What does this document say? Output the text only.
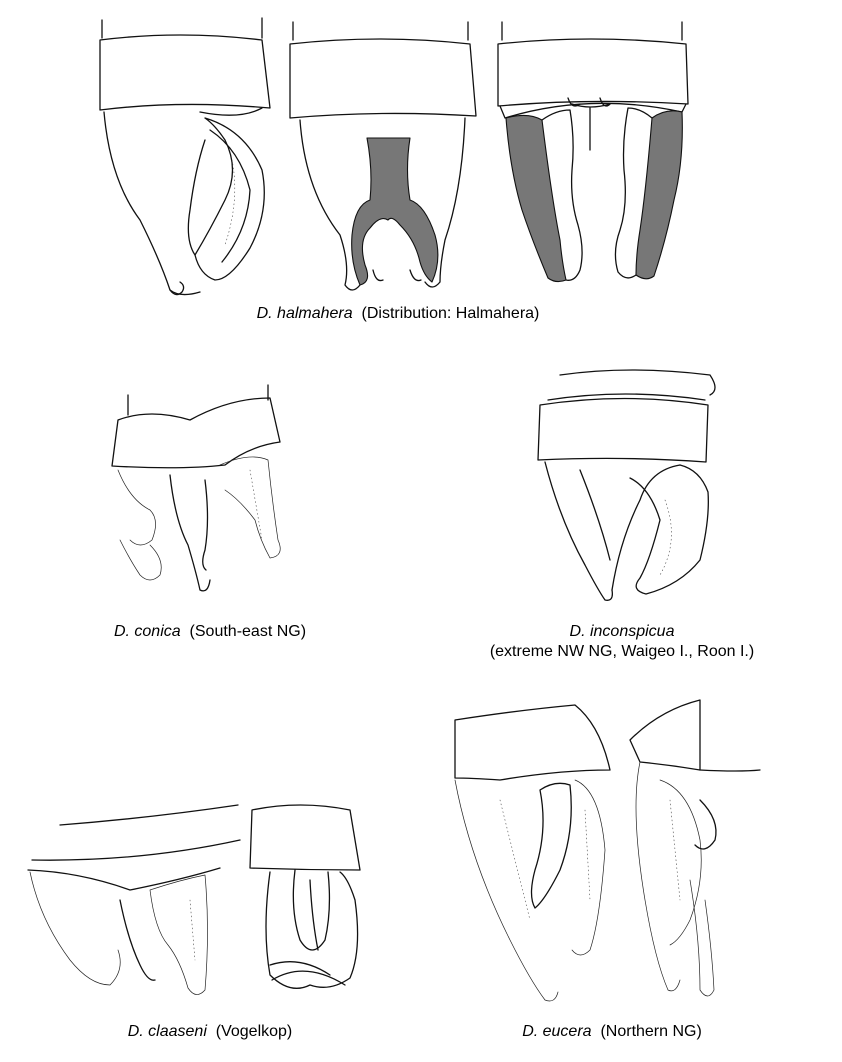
D. halmahera (Distribution: Halmahera)
D. conica (South-east NG)	D. inconspicua
(extreme NW NG, Waigeo I., Roon I.)
D. claaseni (Vogelkop)	D. eucera (Northern NG)
